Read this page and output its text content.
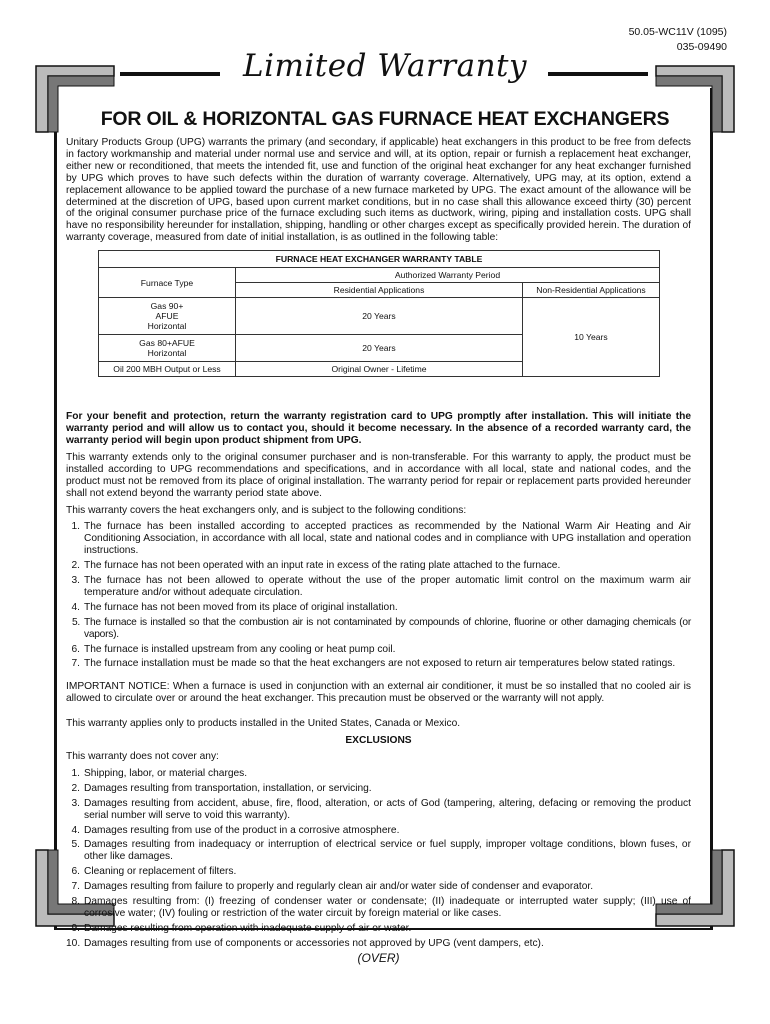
50.05-WC11V (1095)
035-09490
Limited Warranty
FOR OIL & HORIZONTAL GAS FURNACE HEAT EXCHANGERS

Unitary Products Group (UPG) warrants the primary (and secondary, if applicable) heat exchangers in this product to be free from defects in factory workmanship and material under normal use and service and will, at its option, repair or furnish a replacement heat exchanger, either new or reconditioned, that meets the intended fit, use and function of the original heat exchanger for any heat exchanger furnished by UPG which proves to have such defects within the duration of warranty coverage. Alternatively, UPG may, at its option, extend a replacement allowance to be applied toward the purchase of a new furnace marketed by UPG. The exact amount of the allowance will be determined at the discretion of UPG, based upon current market conditions, but in no case shall this allowance exceed thirty (30) percent of the original consumer purchase price of the furnace excluding such items as ductwork, wiring, piping and installation costs. UPG shall have no responsibility hereunder for installation, shipping, handling or other charges except as specifically provided herein. The duration of warranty coverage, measured from date of initial installation, is as outlined in the following table:

FURNACE HEAT EXCHANGER WARRANTY TABLE		
Furnace Type	Authorized Warranty Period	
	Residential Applications	Non-Residential Applications
Gas 90+ AFUE Horizontal	20 Years	10 Years
Gas 80+AFUE Horizontal	20 Years	
Oil 200 MBH Output or Less	Original Owner - Lifetime	

For your benefit and protection, return the warranty registration card to UPG promptly after installation. This will initiate the warranty period and will allow us to contact you, should it become necessary. In the absence of a recorded warranty card, the warranty period will begin upon product shipment from UPG.

This warranty extends only to the original consumer purchaser and is non-transferable. For this warranty to apply, the product must be installed according to UPG recommendations and specifications, and in accordance with all local, state and national codes, and the product must not be removed from its place of original installation. The warranty period for repair or replacement parts provided hereunder shall not extend beyond the warranty period state above.

This warranty covers the heat exchangers only, and is subject to the following conditions:

1. The furnace has been installed according to accepted practices as recommended by the National Warm Air Heating and Air Conditioning Association, in accordance with all local, state and national codes and in compliance with UPG installation and operation instructions.
2. The furnace has not been operated with an input rate in excess of the rating plate attached to the furnace.
3. The furnace has not been allowed to operate without the use of the proper automatic limit control on the maximum warm air temperature and/or without adequate circulation.
4. The furnace has not been moved from its place of original installation.
5. The furnace is installed so that the combustion air is not contaminated by compounds of chlorine, fluorine or other damaging chemicals (or vapors).
6. The furnace is installed upstream from any cooling or heat pump coil.
7. The furnace installation must be made so that the heat exchangers are not exposed to return air temperatures below stated ratings.

IMPORTANT NOTICE: When a furnace is used in conjunction with an external air conditioner, it must be so installed that no cooled air is allowed to circulate over or around the heat exchanger. This precaution must be observed or the warranty will not apply.

This warranty applies only to products installed in the United States, Canada or Mexico.

EXCLUSIONS

This warranty does not cover any:

1. Shipping, labor, or material charges.
2. Damages resulting from transportation, installation, or servicing.
3. Damages resulting from accident, abuse, fire, flood, alteration, or acts of God (tampering, altering, defacing or removing the product serial number will serve to void this warranty).
4. Damages resulting from use of the product in a corrosive atmosphere.
5. Damages resulting from inadequacy or interruption of electrical service or fuel supply, improper voltage conditions, blown fuses, or other like damages.
6. Cleaning or replacement of filters.
7. Damages resulting from failure to properly and regularly clean air and/or water side of condenser and evaporator.
8. Damages resulting from: (I) freezing of condenser water or condensate; (II) inadequate or interrupted water supply; (III) use of corrosive water; (IV) fouling or restriction of the water circuit by foreign material or like cases.
9. Damages resulting from operation with inadequate supply of air or water.
10. Damages resulting from use of components or accessories not approved by UPG (vent dampers, etc).
(OVER)
